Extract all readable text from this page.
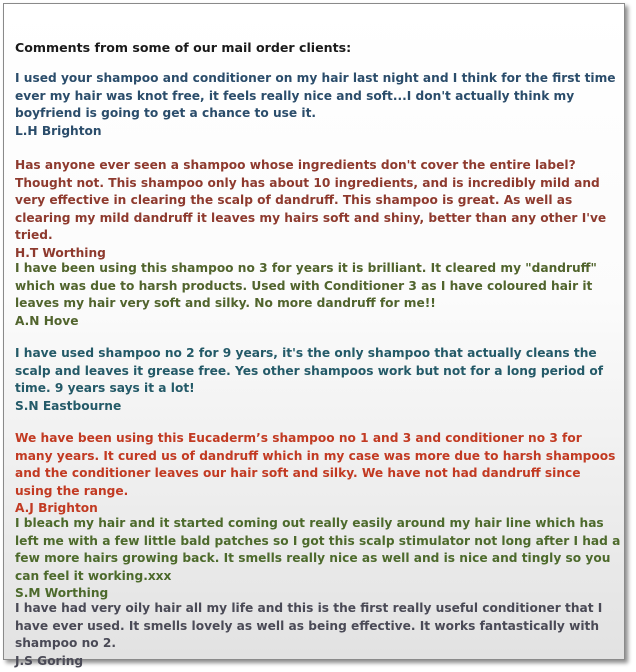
Comments from some of our mail order clients:

I used your shampoo and conditioner on my hair last night and I think for the first time ever my hair was knot free, it feels really nice and soft...I don't actually think my boyfriend is going to get a chance to use it.

L.H Brighton

Has anyone ever seen a shampoo whose ingredients don't cover the entire label? Thought not. This shampoo only has about 10 ingredients, and is incredibly mild and very effective in clearing the scalp of dandruff. This shampoo is great. As well as clearing my mild dandruff it leaves my hairs soft and shiny, better than any other I've tried.

H.T Worthing

I have been using this shampoo no 3 for years it is brilliant. It cleared my "dandruff" which was due to harsh products. Used with Conditioner 3 as I have coloured hair it leaves my hair very soft and silky. No more dandruff for me!!

A.N Hove

I have used shampoo no 2 for 9 years, it's the only shampoo that actually cleans the scalp and leaves it grease free. Yes other shampoos work but not for a long period of time. 9 years says it a lot!

S.N Eastbourne

We have been using this Eucaderm’s shampoo no 1 and 3 and conditioner no 3 for many years. It cured us of dandruff which in my case was more due to harsh shampoos and the conditioner leaves our hair soft and silky. We have not had dandruff since using the range.

A.J Brighton

I bleach my hair and it started coming out really easily around my hair line which has left me with a few little bald patches so I got this scalp stimulator not long after I had a few more hairs growing back. It smells really nice as well and is nice and tingly so you can feel it working.xxx

S.M Worthing

I have had very oily hair all my life and this is the first really useful conditioner that I have ever used. It smells lovely as well as being effective. It works fantastically with shampoo no 2.

J.S Goring
